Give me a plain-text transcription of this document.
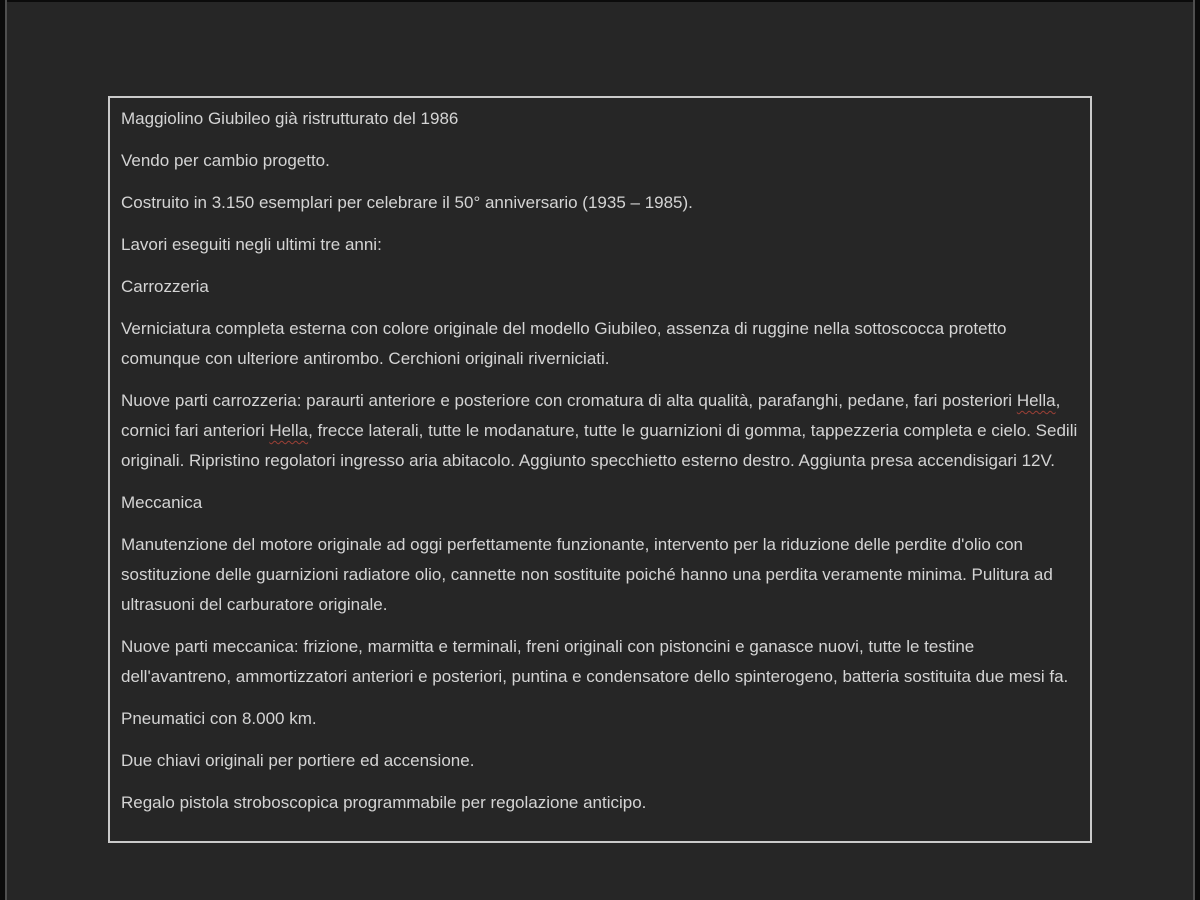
Maggiolino Giubileo già ristrutturato del 1986
Vendo per cambio progetto.
Costruito in 3.150 esemplari per celebrare il 50° anniversario (1935 – 1985).
Lavori eseguiti negli ultimi tre anni:
Carrozzeria
Verniciatura completa esterna con colore originale del modello Giubileo, assenza di ruggine nella sottoscocca protetto comunque con ulteriore antirombo. Cerchioni originali riverniciati.
Nuove parti carrozzeria: paraurti anteriore e posteriore con cromatura di alta qualità, parafanghi, pedane, fari posteriori Hella, cornici fari anteriori Hella, frecce laterali, tutte le modanature, tutte le guarnizioni di gomma, tappezzeria completa e cielo. Sedili originali. Ripristino regolatori ingresso aria abitacolo. Aggiunto specchietto esterno destro. Aggiunta presa accendisigari 12V.
Meccanica
Manutenzione del motore originale ad oggi perfettamente funzionante, intervento per la riduzione delle perdite d'olio con sostituzione delle guarnizioni radiatore olio, cannette non sostituite poiché hanno una perdita veramente minima. Pulitura ad ultrasuoni del carburatore originale.
Nuove parti meccanica: frizione, marmitta e terminali, freni originali con pistoncini e ganasce nuovi, tutte le testine dell'avantreno, ammortizzatori anteriori e posteriori, puntina e condensatore dello spinterogeno, batteria sostituita due mesi fa.
Pneumatici con 8.000 km.
Due chiavi originali per portiere ed accensione.
Regalo pistola stroboscopica programmabile per regolazione anticipo.
